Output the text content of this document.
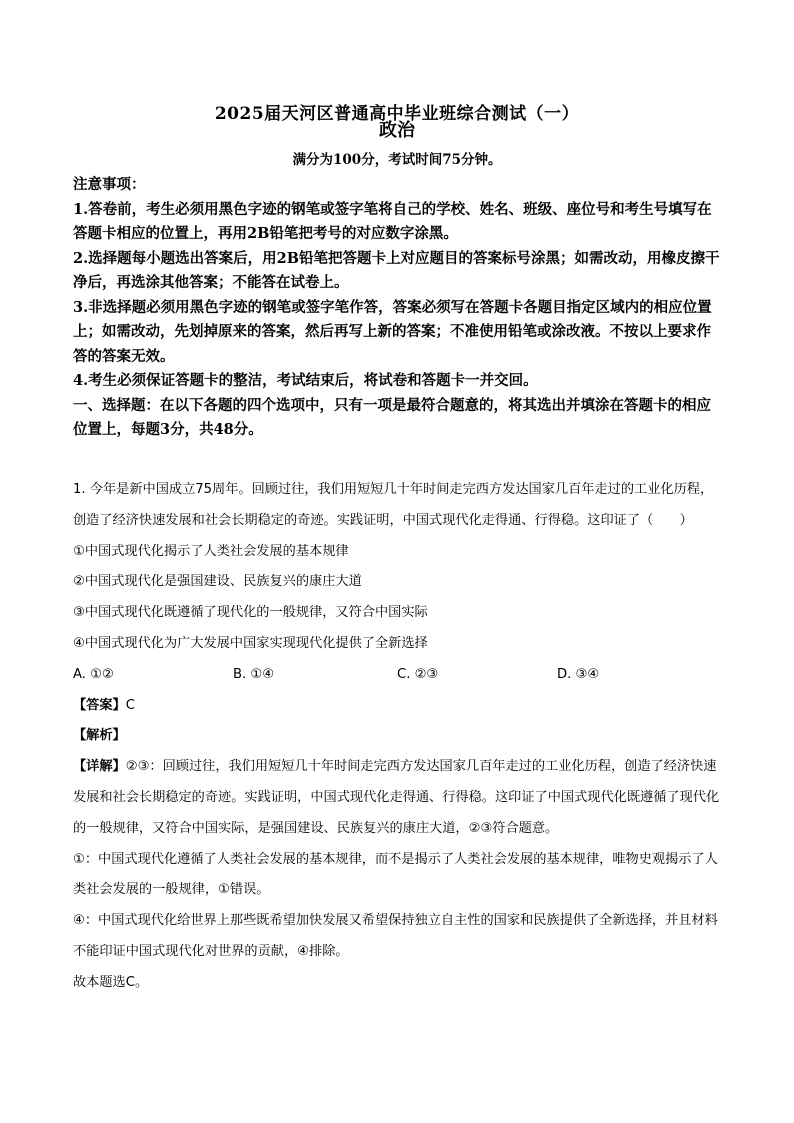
2025届天河区普通高中毕业班综合测试（一）
政治
满分为100分，考试时间75分钟。

注意事项：

1.答卷前，考生必须用黑色字迹的钢笔或签字笔将自己的学校、姓名、班级、座位号和考生号填写在答题卡相应的位置上，再用2B铅笔把考号的对应数字涂黑。

2.选择题每小题选出答案后，用2B铅笔把答题卡上对应题目的答案标号涂黑；如需改动，用橡皮擦干净后，再选涂其他答案；不能答在试卷上。

3.非选择题必须用黑色字迹的钢笔或签字笔作答，答案必须写在答题卡各题目指定区域内的相应位置上；如需改动，先划掉原来的答案，然后再写上新的答案；不准使用铅笔或涂改液。不按以上要求作答的答案无效。

4.考生必须保证答题卡的整洁，考试结束后，将试卷和答题卡一并交回。

一、选择题：在以下各题的四个选项中，只有一项是最符合题意的，将其选出并填涂在答题卡的相应位置上，每题3分，共48分。

1. 今年是新中国成立75周年。回顾过往，我们用短短几十年时间走完西方发达国家几百年走过的工业化历程，创造了经济快速发展和社会长期稳定的奇迹。实践证明，中国式现代化走得通、行得稳。这印证了（　　）

①中国式现代化揭示了人类社会发展的基本规律

②中国式现代化是强国建设、民族复兴的康庄大道

③中国式现代化既遵循了现代化的一般规律，又符合中国实际

④中国式现代化为广大发展中国家实现现代化提供了全新选择

A. ①②	B. ①④	C. ②③	D. ③④

【答案】C

【解析】

【详解】②③：回顾过往，我们用短短几十年时间走完西方发达国家几百年走过的工业化历程，创造了经济快速发展和社会长期稳定的奇迹。实践证明，中国式现代化走得通、行得稳。这印证了中国式现代化既遵循了现代化的一般规律，又符合中国实际，是强国建设、民族复兴的康庄大道，②③符合题意。

①：中国式现代化遵循了人类社会发展的基本规律，而不是揭示了人类社会发展的基本规律，唯物史观揭示了人类社会发展的一般规律，①错误。

④：中国式现代化给世界上那些既希望加快发展又希望保持独立自主性的国家和民族提供了全新选择，并且材料不能印证中国式现代化对世界的贡献，④排除。

故本题选C。
